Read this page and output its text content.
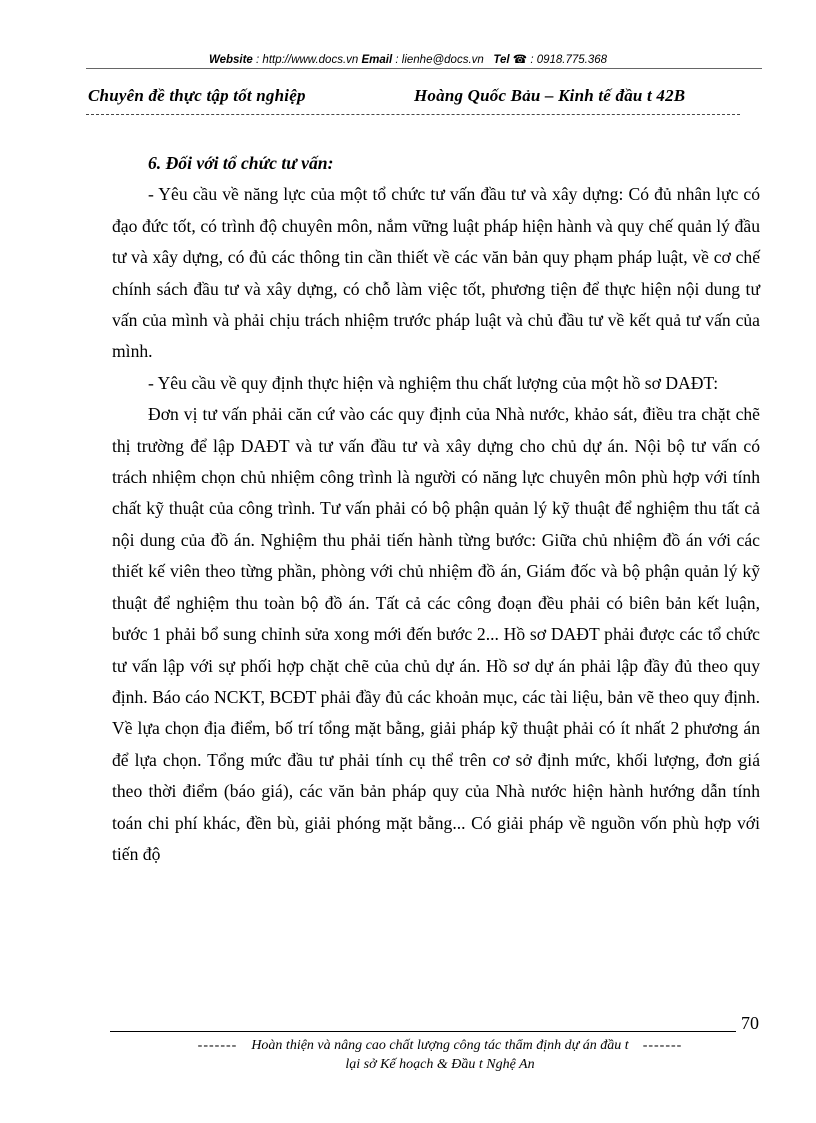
Website : http://www.docs.vn Email : lienhe@docs.vn Tel ☎ : 0918.775.368
Chuyên đề thực tập tốt nghiệp	Hoàng Quốc Bảu – Kinh tế đầu t 42B

6. Đối với tổ chức tư vấn:

- Yêu cầu về năng lực của một tổ chức tư vấn đầu tư và xây dựng: Có đủ nhân lực có đạo đức tốt, có trình độ chuyên môn, nắm vững luật pháp hiện hành và quy chế quản lý đầu tư và xây dựng, có đủ các thông tin cần thiết về các văn bản quy phạm pháp luật, về cơ chế chính sách đầu tư và xây dựng, có chỗ làm việc tốt, phương tiện để thực hiện nội dung tư vấn của mình và phải chịu trách nhiệm trước pháp luật và chủ đầu tư về kết quả tư vấn của mình.

- Yêu cầu về quy định thực hiện và nghiệm thu chất lượng của một hồ sơ DAĐT:

Đơn vị tư vấn phải căn cứ vào các quy định của Nhà nước, khảo sát, điều tra chặt chẽ thị trường để lập DAĐT và tư vấn đầu tư và xây dựng cho chủ dự án. Nội bộ tư vấn có trách nhiệm chọn chủ nhiệm công trình là người có năng lực chuyên môn phù hợp với tính chất kỹ thuật của công trình. Tư vấn phải có bộ phận quản lý kỹ thuật để nghiệm thu tất cả nội dung của đồ án. Nghiệm thu phải tiến hành từng bước: Giữa chủ nhiệm đồ án với các thiết kế viên theo từng phần, phòng với chủ nhiệm đồ án, Giám đốc và bộ phận quản lý kỹ thuật để nghiệm thu toàn bộ đồ án. Tất cả các công đoạn đều phải có biên bản kết luận, bước 1 phải bổ sung chỉnh sửa xong mới đến bước 2... Hồ sơ DAĐT phải được các tổ chức tư vấn lập với sự phối hợp chặt chẽ của chủ dự án. Hồ sơ dự án phải lập đầy đủ theo quy định. Báo cáo NCKT, BCĐT phải đầy đủ các khoản mục, các tài liệu, bản vẽ theo quy định. Về lựa chọn địa điểm, bố trí tổng mặt bằng, giải pháp kỹ thuật phải có ít nhất 2 phương án để lựa chọn. Tổng mức đầu tư phải tính cụ thể trên cơ sở định mức, khối lượng, đơn giá theo thời điểm (báo giá), các văn bản pháp quy của Nhà nước hiện hành hướng dẫn tính toán chi phí khác, đền bù, giải phóng mặt bằng... Có giải pháp về nguồn vốn phù hợp với tiến độ

70
------- Hoàn thiện và nâng cao chất lượng công tác thẩm định dự án đầu t -------
lại sở Kế hoạch & Đầu t Nghệ An
